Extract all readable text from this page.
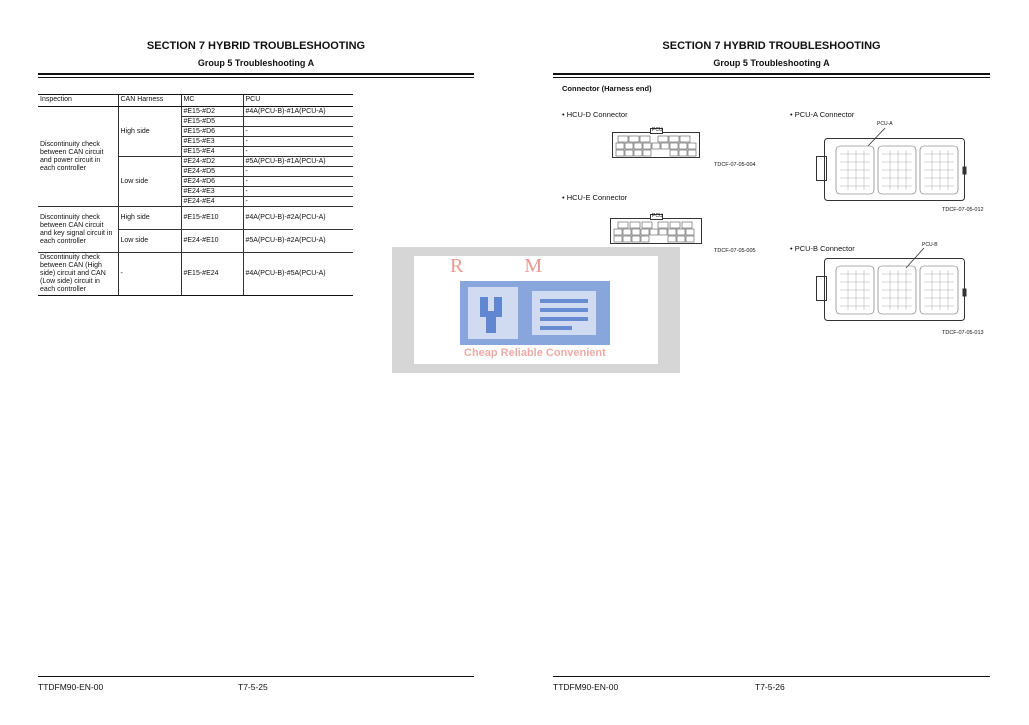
SECTION 7 HYBRID TROUBLESHOOTING
Group 5 Troubleshooting A
Inspection	CAN Harness	MC	PCU
Discontinuity check between CAN circuit and power circuit in each controller	High side	#E15-#D2	#4A(PCU-B)-#1A(PCU-A)
		#E15-#D5	
		#E15-#D6	-
		#E15-#E3	-
		#E15-#E4	-
	Low side	#E24-#D2	#5A(PCU-B)-#1A(PCU-A)
		#E24-#D5	-
		#E24-#D6	-
		#E24-#E3	-
		#E24-#E4	-
Discontinuity check between CAN circuit and key signal circuit in each controller	High side	#E15-#E10	#4A(PCU-B)-#2A(PCU-A)
	Low side	#E24-#E10	#5A(PCU-B)-#2A(PCU-A)
Discontinuity check between CAN (High side) circuit and CAN (Low side) circuit in each controller	-	#E15-#E24	#4A(PCU-B)-#5A(PCU-A)
TTDFM90-EN-00	T7-5-25
R M
Cheap Reliable Convenient
SECTION 7 HYBRID TROUBLESHOOTING
Group 5 Troubleshooting A
Connector (Harness end)
• HCU-D Connector
PCU
TDCF-07-05-004
• HCU-E Connector
PCU
TDCF-07-05-005
• PCU-A Connector
PCU-A
TDCF-07-05-012
• PCU-B Connector	PCU-B
TDCF-07-05-013
TTDFM90-EN-00	T7-5-26
